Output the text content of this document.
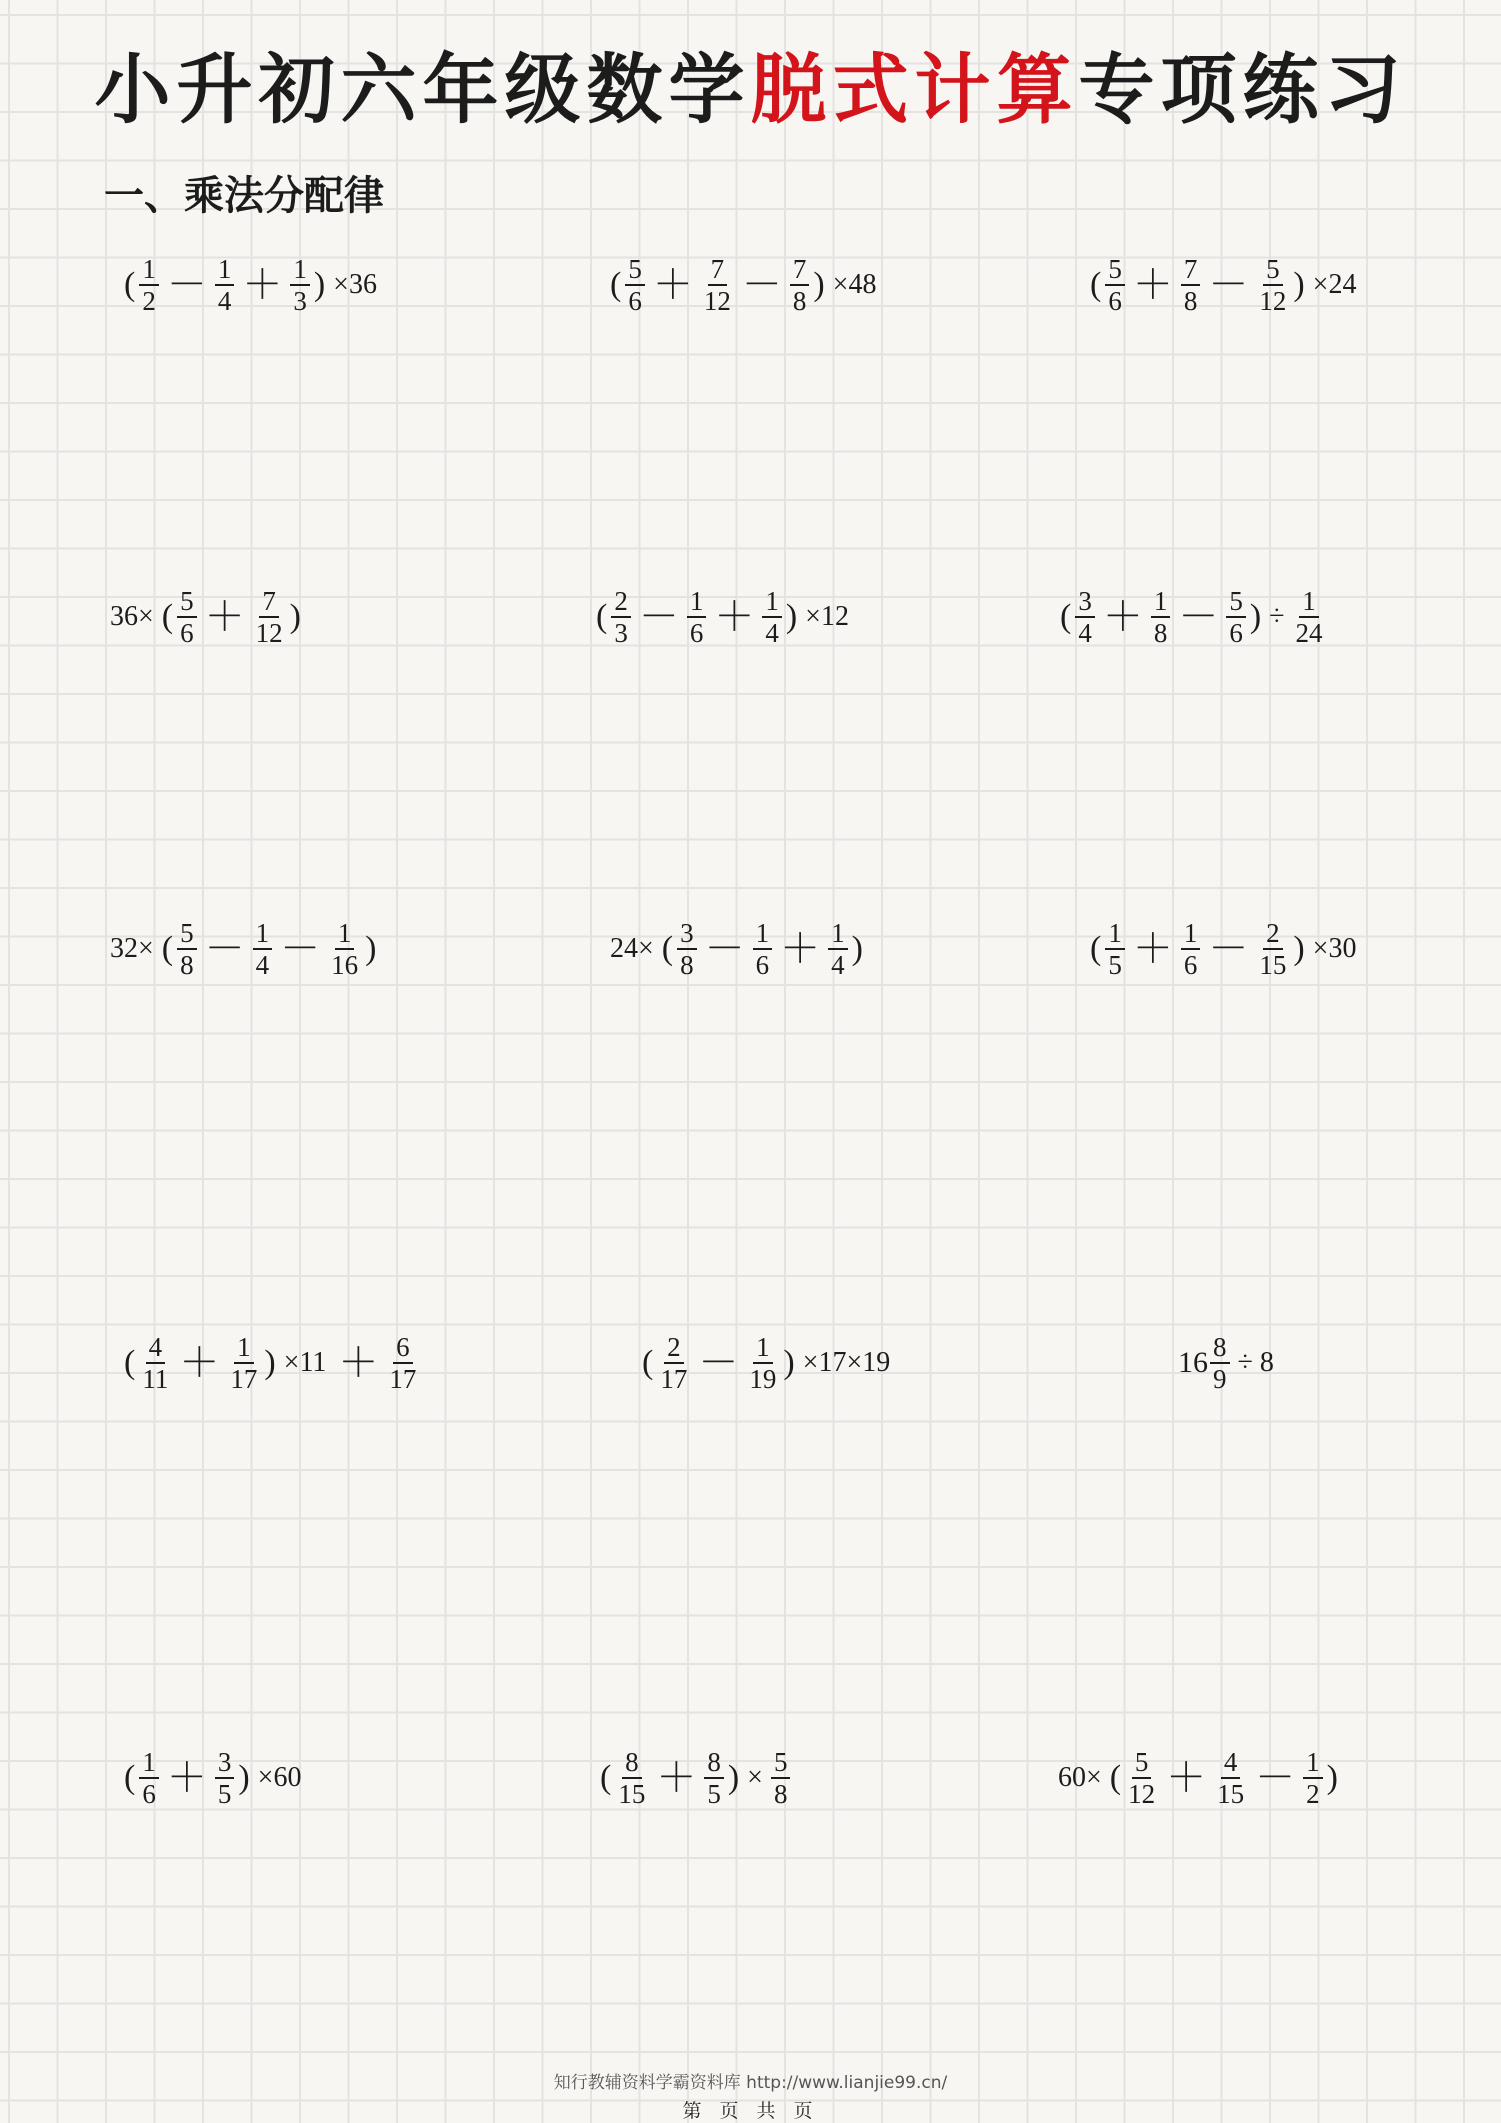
小升初六年级数学脱式计算专项练习
一、乘法分配律
( $\frac{1}{2} - \frac{1}{4} + \frac{1}{3}$ ) ×36	( $\frac{5}{6} + \frac{7}{12} - \frac{7}{8}$ ) ×48	( $\frac{5}{6} + \frac{7}{8} - \frac{5}{12}$ ) ×24
36× ( $\frac{5}{6} + \frac{7}{12}$ )	( $\frac{2}{3} - \frac{1}{6} + \frac{1}{4}$ ) ×12	( $\frac{3}{4} + \frac{1}{8} - \frac{5}{6}$ ) ÷ $\frac{1}{24}$
32× ( $\frac{5}{8} - \frac{1}{4} - \frac{1}{16}$ )	24× ( $\frac{3}{8} - \frac{1}{6} + \frac{1}{4}$ )	( $\frac{1}{5} + \frac{1}{6} - \frac{2}{15}$ ) ×30
( $\frac{4}{11} + \frac{1}{17}$ ) $\times 11 + \frac{6}{17}$	( $\frac{2}{17} - \frac{1}{19}$ ) ×17×19	$16 \frac{8}{9} \div 8$
( $\frac{1}{6} + \frac{3}{5}$ ) ×60	( $\frac{8}{15} + \frac{8}{5}$ ) × $\frac{5}{8}$	60× ( $\frac{5}{12} + \frac{4}{15} - \frac{1}{2}$ )
知行教辅资料学霸资料库 http://www.lianjie99.cn/
第 页 共 页
